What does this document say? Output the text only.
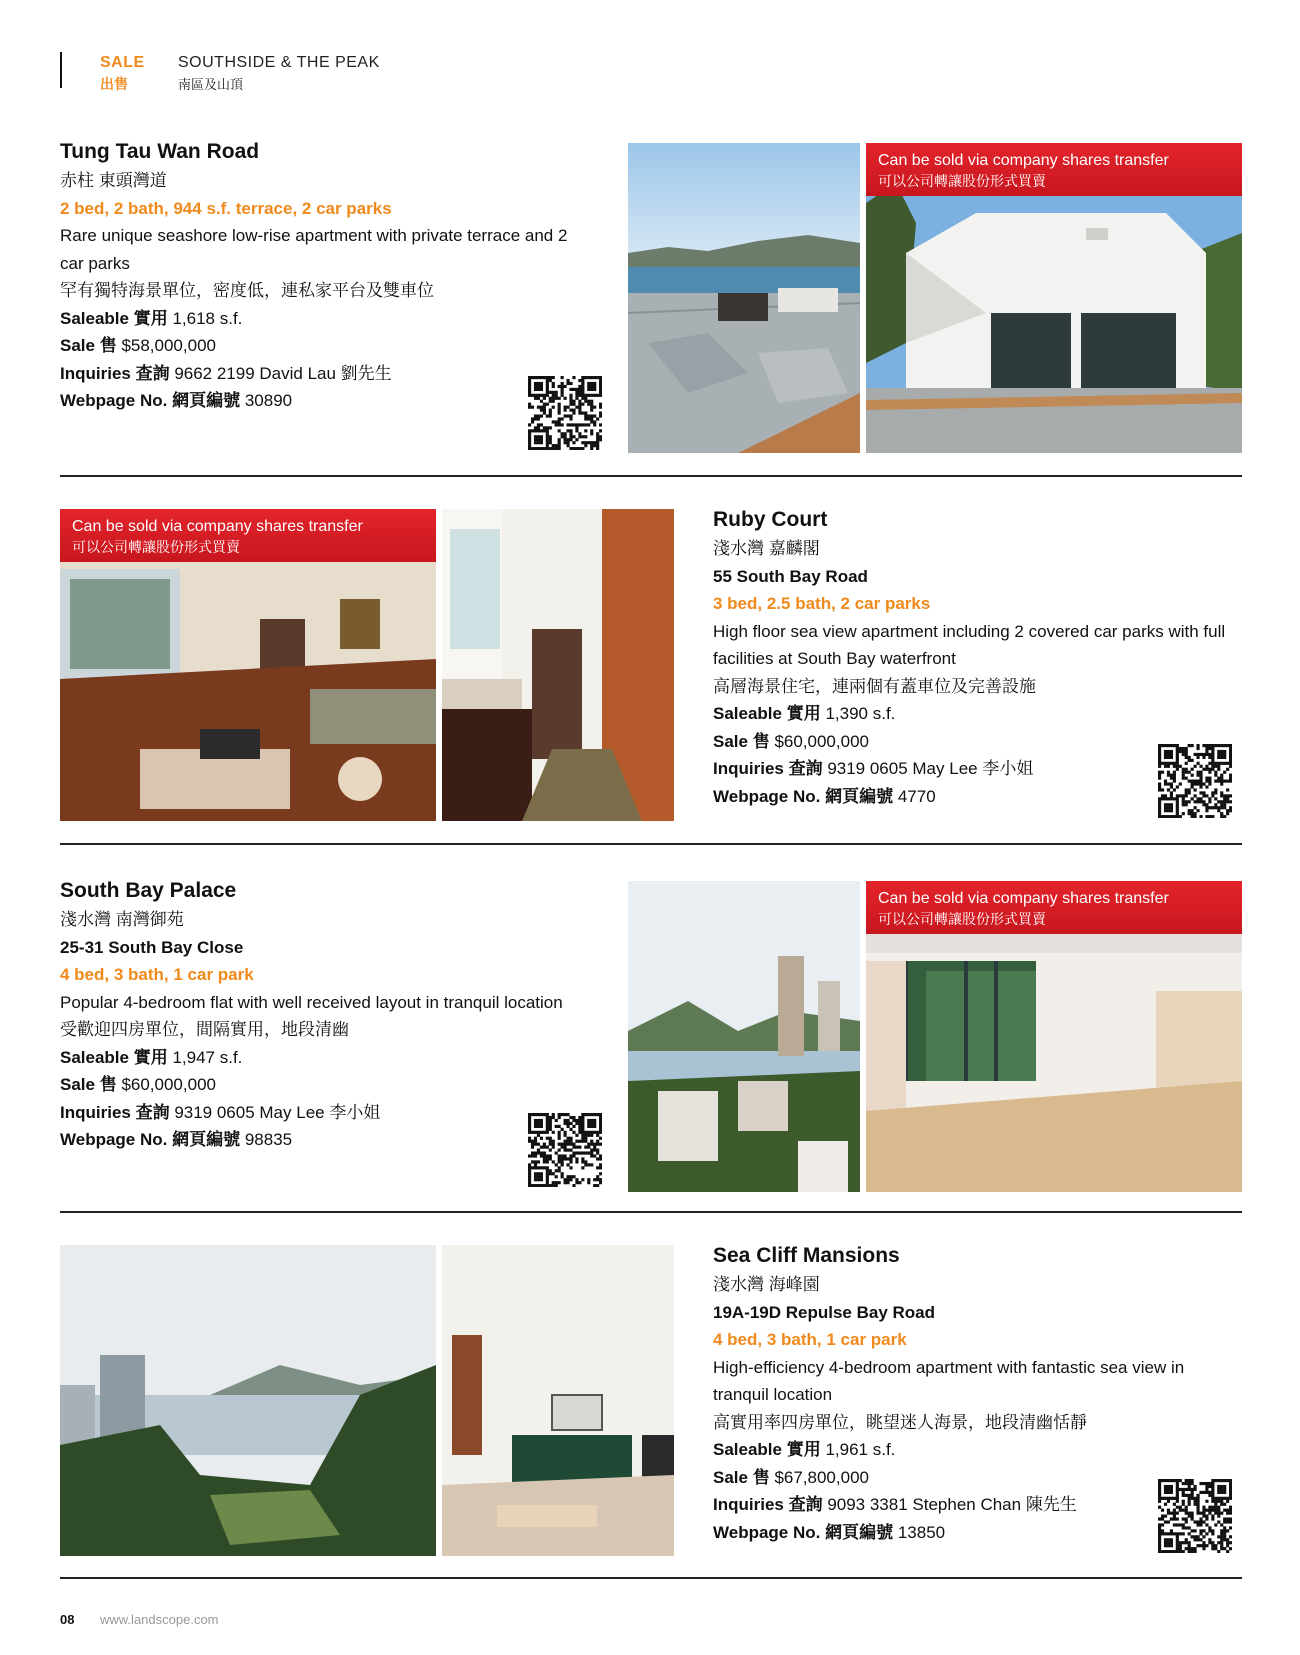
SALE
出售
SOUTHSIDE & THE PEAK
南區及山頂
Tung Tau Wan Road
赤柱 東頭灣道
2 bed, 2 bath, 944 s.f. terrace, 2 car parks
Rare unique seashore low-rise apartment with private terrace and 2 car parks
罕有獨特海景單位，密度低，連私家平台及雙車位
Saleable 實用 1,618 s.f.
Sale 售 $58,000,000
Inquiries 查詢 9662 2199 David Lau 劉先生
Webpage No. 網頁編號 30890
Can be sold via company shares transfer
可以公司轉讓股份形式買賣
Can be sold via company shares transfer
可以公司轉讓股份形式買賣
Ruby Court
淺水灣 嘉麟閣
55 South Bay Road
3 bed, 2.5 bath, 2 car parks
High floor sea view apartment including 2 covered car parks with full facilities at South Bay waterfront
高層海景住宅，連兩個有蓋車位及完善設施
Saleable 實用 1,390 s.f.
Sale 售 $60,000,000
Inquiries 查詢 9319 0605 May Lee 李小姐
Webpage No. 網頁編號 4770
South Bay Palace
淺水灣 南灣御苑
25-31 South Bay Close
4 bed, 3 bath, 1 car park
Popular 4-bedroom flat with well received layout in tranquil location
受歡迎四房單位，間隔實用，地段清幽
Saleable 實用 1,947 s.f.
Sale 售 $60,000,000
Inquiries 查詢 9319 0605 May Lee 李小姐
Webpage No. 網頁編號 98835
Can be sold via company shares transfer
可以公司轉讓股份形式買賣
Sea Cliff Mansions
淺水灣 海峰園
19A-19D Repulse Bay Road
4 bed, 3 bath, 1 car park
High-efficiency 4-bedroom apartment with fantastic sea view in tranquil location
高實用率四房單位，眺望迷人海景，地段清幽恬靜
Saleable 實用 1,961 s.f.
Sale 售 $67,800,000
Inquiries 查詢 9093 3381 Stephen Chan 陳先生
Webpage No. 網頁編號 13850
08 www.landscope.com
